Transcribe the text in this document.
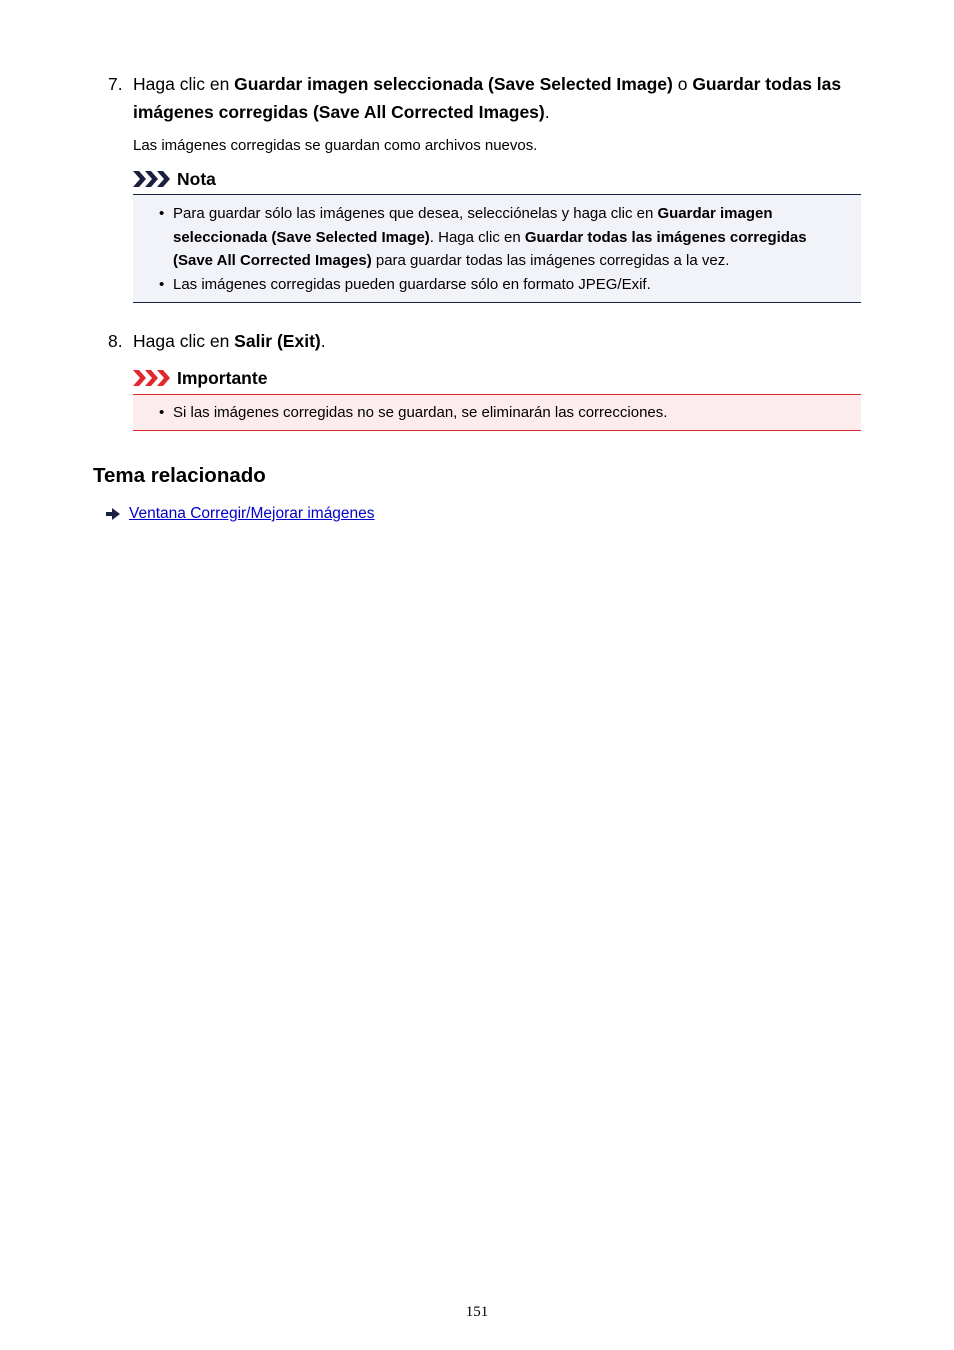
7. Haga clic en Guardar imagen seleccionada (Save Selected Image) o Guardar todas las imágenes corregidas (Save All Corrected Images).
Las imágenes corregidas se guardan como archivos nuevos.
Nota
• Para guardar sólo las imágenes que desea, selecciónelas y haga clic en Guardar imagen seleccionada (Save Selected Image). Haga clic en Guardar todas las imágenes corregidas (Save All Corrected Images) para guardar todas las imágenes corregidas a la vez.
• Las imágenes corregidas pueden guardarse sólo en formato JPEG/Exif.
8. Haga clic en Salir (Exit).
Importante
• Si las imágenes corregidas no se guardan, se eliminarán las correcciones.
Tema relacionado
Ventana Corregir/Mejorar imágenes
151
